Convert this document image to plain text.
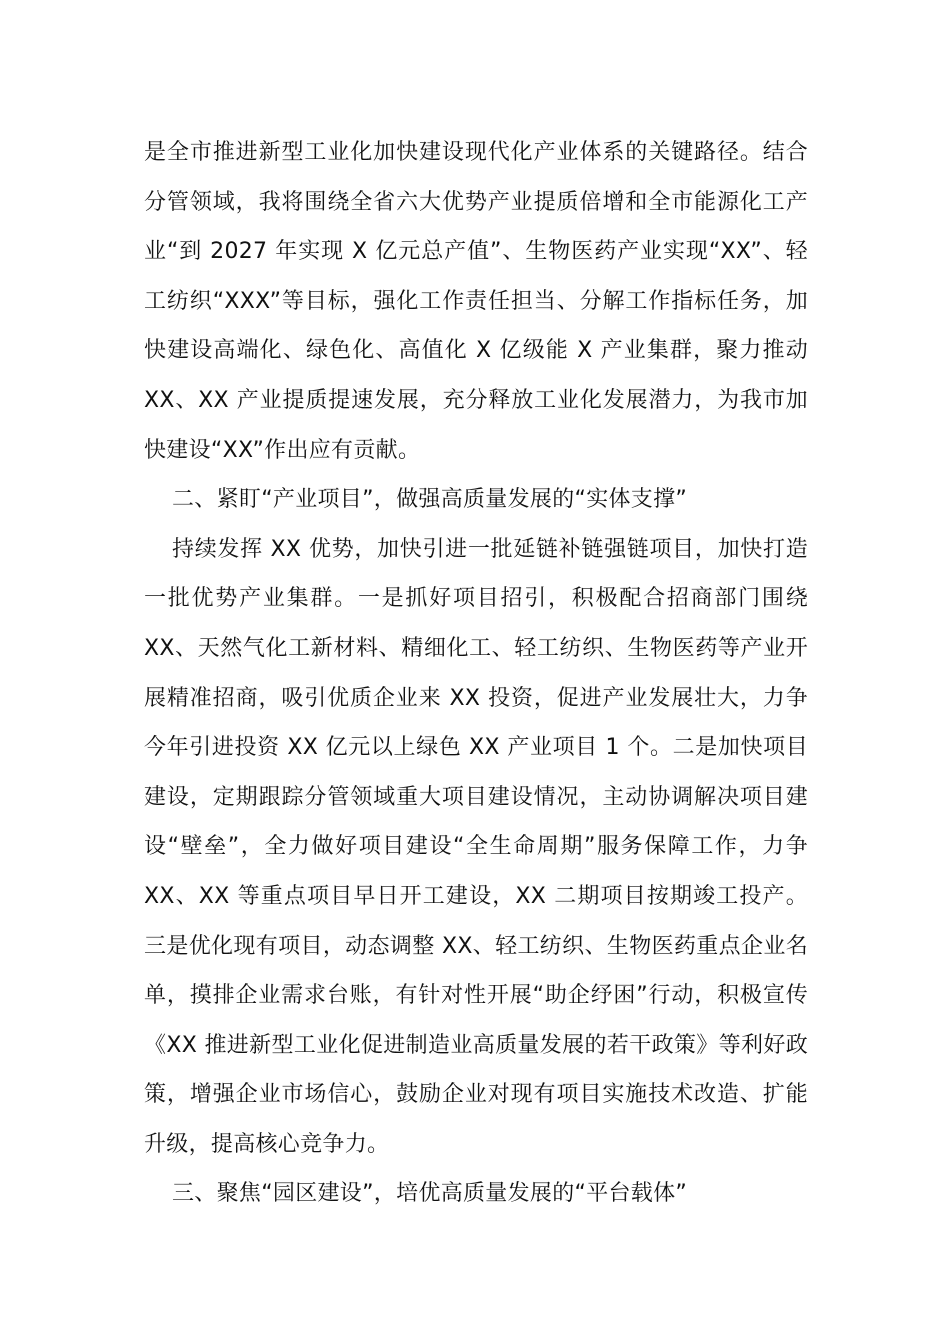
是全市推进新型工业化加快建设现代化产业体系的关键路径。结合分管领域，我将围绕全省六大优势产业提质倍增和全市能源化工产业“到 2027 年实现 X 亿元总产值”、生物医药产业实现“XX”、轻工纺织“XXX”等目标，强化工作责任担当、分解工作指标任务，加快建设高端化、绿色化、高值化 X 亿级能 X 产业集群，聚力推动XX、XX 产业提质提速发展，充分释放工业化发展潜力，为我市加快建设“XX”作出应有贡献。

二、紧盯“产业项目”，做强高质量发展的“实体支撑”

持续发挥 XX 优势，加快引进一批延链补链强链项目，加快打造一批优势产业集群。一是抓好项目招引，积极配合招商部门围绕XX、天然气化工新材料、精细化工、轻工纺织、生物医药等产业开展精准招商，吸引优质企业来 XX 投资，促进产业发展壮大，力争今年引进投资 XX 亿元以上绿色 XX 产业项目 1 个。二是加快项目建设，定期跟踪分管领域重大项目建设情况，主动协调解决项目建设“壁垒”，全力做好项目建设“全生命周期”服务保障工作，力争XX、XX 等重点项目早日开工建设，XX 二期项目按期竣工投产。三是优化现有项目，动态调整 XX、轻工纺织、生物医药重点企业名单，摸排企业需求台账，有针对性开展“助企纾困”行动，积极宣传《XX 推进新型工业化促进制造业高质量发展的若干政策》等利好政策，增强企业市场信心，鼓励企业对现有项目实施技术改造、扩能升级，提高核心竞争力。

三、聚焦“园区建设”，培优高质量发展的“平台载体”
